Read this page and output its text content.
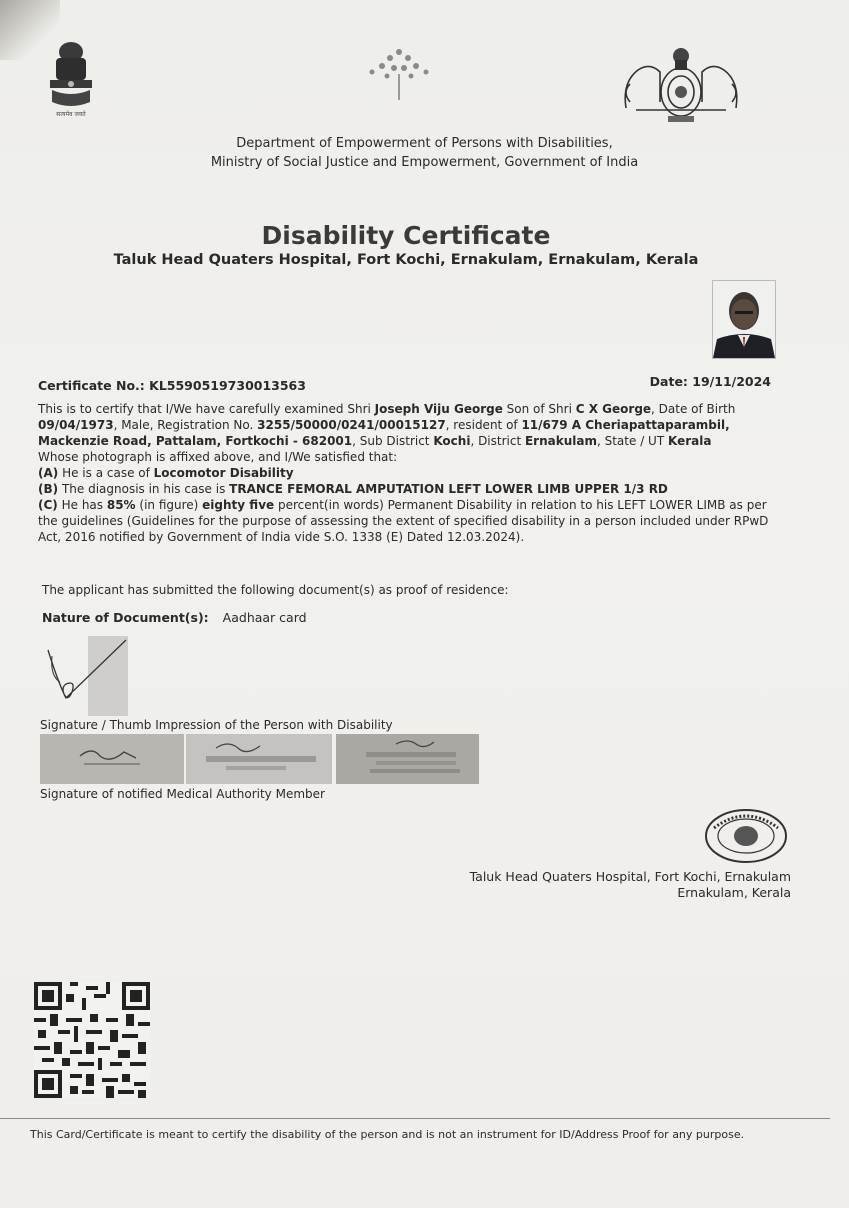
सत्यमेव जयते
Department of Empowerment of Persons with Disabilities,
Ministry of Social Justice and Empowerment, Government of India
Disability Certificate
Taluk Head Quaters Hospital, Fort Kochi, Ernakulam, Ernakulam, Kerala
Certificate No.: KL5590519730013563	Date: 19/11/2024
This is to certify that I/We have carefully examined Shri Joseph Viju George Son of Shri C X George, Date of Birth 09/04/1973, Male, Registration No. 3255/50000/0241/00015127, resident of 11/679 A Cheriapattaparambil, Mackenzie Road, Pattalam, Fortkochi - 682001, Sub District Kochi, District Ernakulam, State / UT Kerala
Whose photograph is affixed above, and I/We satisfied that:
(A) He is a case of Locomotor Disability
(B) The diagnosis in his case is TRANCE FEMORAL AMPUTATION LEFT LOWER LIMB UPPER 1/3 RD
(C) He has 85% (in figure) eighty five percent(in words) Permanent Disability in relation to his LEFT LOWER LIMB as per the guidelines (Guidelines for the purpose of assessing the extent of specified disability in a person included under RPwD Act, 2016 notified by Government of India vide S.O. 1338 (E) Dated 12.03.2024).
The applicant has submitted the following document(s) as proof of residence:
Nature of Document(s): Aadhaar card
Signature / Thumb Impression of the Person with Disability
Signature of notified Medical Authority Member
Taluk Head Quaters Hospital, Fort Kochi, Ernakulam
Ernakulam, Kerala
This Card/Certificate is meant to certify the disability of the person and is not an instrument for ID/Address Proof for any purpose.
